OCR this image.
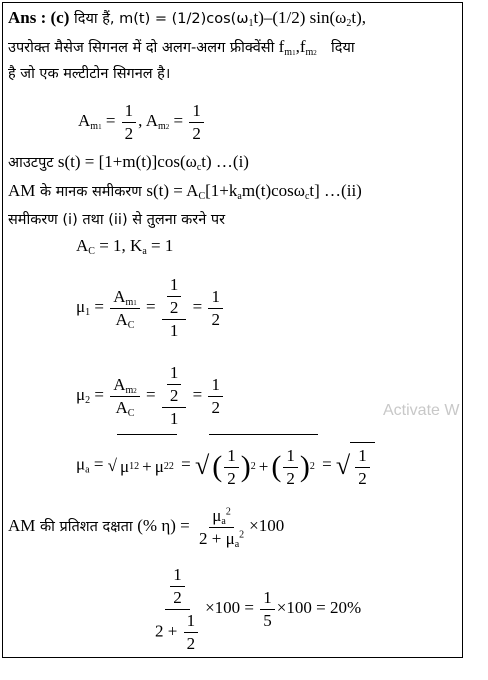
Ans : (c) दिया हैं, $m(t) = (1/2)\cos(\omega_1t)-(1/2)$ $\sin(\omega_2t)$,
उपरोक्त मैसेज सिगनल में दो अलग-अलग फ्रीक्वेंसी $f_{m1},f_{m2}$ दिया
है जो एक मल्टीटोन सिगनल है।
$A_{m1} = \frac{1}{2}$ , $A_{m2} = \frac{1}{2}$
आउटपुट $s(t) = [1+m(t)]\cos(\omega_ct)$ …(i)
AM के मानक समीकरण $s(t) = A_C[1+k_am(t)\cos\omega_ct]$ …(ii)
समीकरण (i) तथा (ii) से तुलना करने पर
$A_C = 1$, $K_a = 1$
$\mu_1 = \frac{A_{m1}}{A_C} = \frac{\frac{1}{2}}{1} = \frac{1}{2}$
$\mu_2 = \frac{A_{m2}}{A_C} = \frac{\frac{1}{2}}{1} = \frac{1}{2}$	Activate W
$\mu_a$ = √ μ 1 2 + μ 2 2 = √ ( $\frac{1}{2}$ ) 2 + ( $\frac{1}{2}$ ) 2 = √ $\frac{1}{2}$
AM की प्रतिशत दक्षता (% $\eta) = \frac{\mu_a^2}{2 + \mu_a^2} \times 100$
$\frac{\frac{1}{2}}{2 + \frac{1}{2}} \times 100 = \frac{1}{5} \times 100 = 20\%$
